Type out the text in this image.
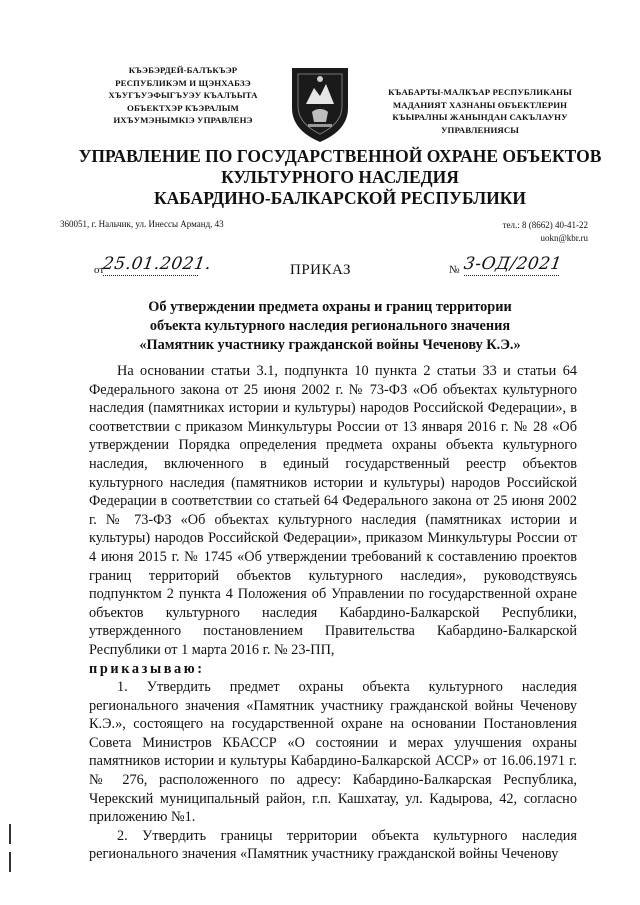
КЪЭБЭРДЕЙ-БАЛЪКЪЭР
РЕСПУБЛИКЭМ И ЩЭНХАБЗЭ
ХЪУГЪУЭФЫГЪУЭУ КЪАЛЪЫТА
ОБЪЕКТХЭР КЪЭРАЛЫМ
ИХЪУМЭНЫМКIЭ УПРАВЛЕНЭ
КЪАБАРТЫ-МАЛКЪАР РЕСПУБЛИКАНЫ
МАДАНИЯТ ХАЗНАНЫ ОБЪЕКТЛЕРИН
КЪЫРАЛНЫ ЖАНЫНДАН САКЪЛАУНУ
УПРАВЛЕНИЯСЫ
УПРАВЛЕНИЕ ПО ГОСУДАРСТВЕННОЙ ОХРАНЕ ОБЪЕКТОВ
КУЛЬТУРНОГО НАСЛЕДИЯ
КАБАРДИНО-БАЛКАРСКОЙ РЕСПУБЛИКИ
360051, г. Нальчик, ул. Инессы Арманд, 43	тел.: 8 (8662) 40-41-22
uokn@kbr.ru
от
25.01.2021.	ПРИКАЗ	№ 3-ОД/2021
Об утверждении предмета охраны и границ территории
объекта культурного наследия регионального значения
«Памятник участнику гражданской войны Чеченову К.Э.»

На основании статьи 3.1, подпункта 10 пункта 2 статьи 33 и статьи 64 Федерального закона от 25 июня 2002 г. № 73-ФЗ «Об объектах культурного наследия (памятниках истории и культуры) народов Российской Федерации», в соответствии с приказом Минкультуры России от 13 января 2016 г. № 28 «Об утверждении Порядка определения предмета охраны объекта культурного наследия, включенного в единый государственный реестр объектов культурного наследия (памятников истории и культуры) народов Российской Федерации в соответствии со статьей 64 Федерального закона от 25 июня 2002 г. № 73-ФЗ «Об объектах культурного наследия (памятниках истории и культуры) народов Российской Федерации», приказом Минкультуры России от 4 июня 2015 г. № 1745 «Об утверждении требований к составлению проектов границ территорий объектов культурного наследия», руководствуясь подпунктом 2 пункта 4 Положения об Управлении по государственной охране объектов культурного наследия Кабардино-Балкарской Республики, утвержденного постановлением Правительства Кабардино-Балкарской Республики от 1 марта 2016 г. № 23-ПП,

приказываю:

1. Утвердить предмет охраны объекта культурного наследия регионального значения «Памятник участнику гражданской войны Чеченову К.Э.», состоящего на государственной охране на основании Постановления Совета Министров КБАССР «О состоянии и мерах улучшения охраны памятников истории и культуры Кабардино-Балкарской АССР» от 16.06.1971 г. № 276, расположенного по адресу: Кабардино-Балкарская Республика, Черекский муниципальный район, г.п. Кашхатау, ул. Кадырова, 42, согласно приложению №1.

2. Утвердить границы территории объекта культурного наследия регионального значения «Памятник участнику гражданской войны Чеченову
